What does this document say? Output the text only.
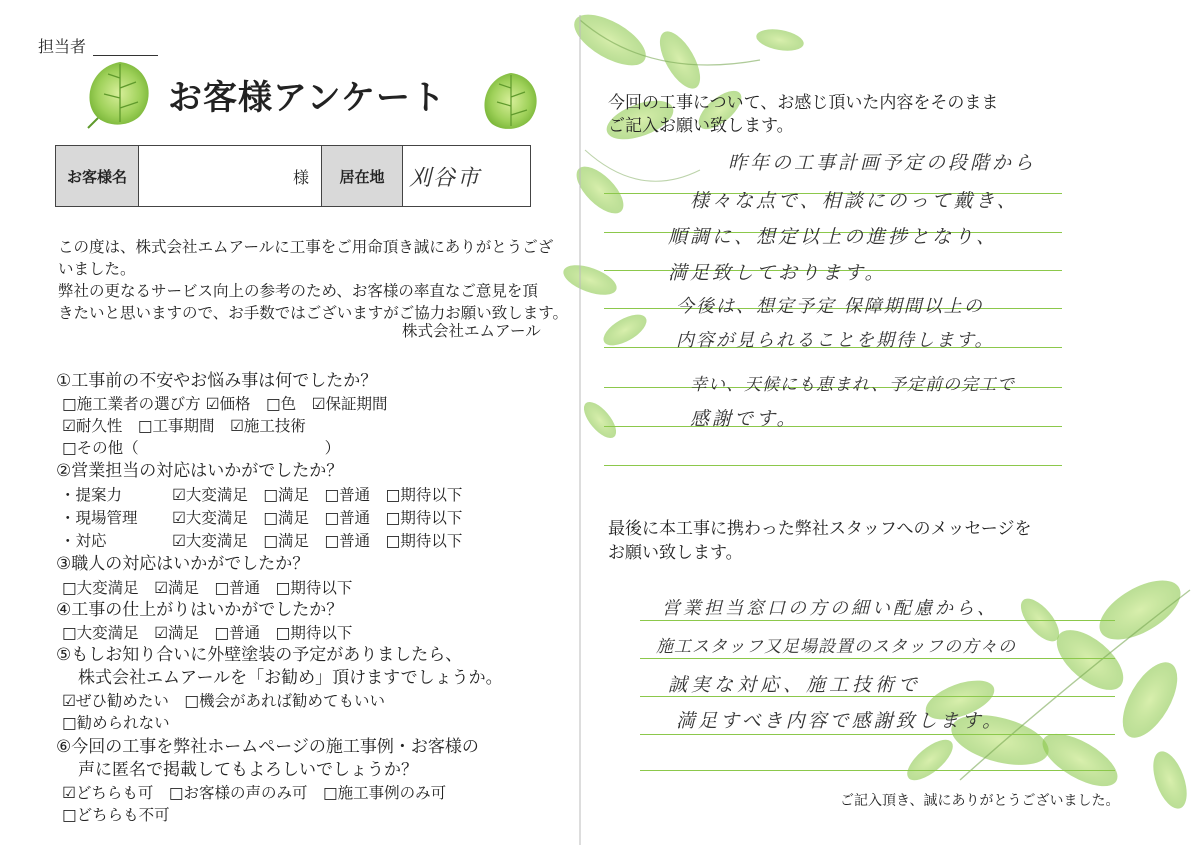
担当者
お客様アンケート
お客様名	様	居在地	刈谷市
この度は、株式会社エムアールに工事をご用命頂き誠にありがとうござ
いました。
弊社の更なるサービス向上の参考のため、お客様の率直なご意見を頂
きたいと思いますので、お手数ではございますがご協力お願い致します。
株式会社エムアール
①工事前の不安やお悩み事は何でしたか？
□施工業者の選び方 ☑価格　□色　☑保証期間
☑耐久性　□工事期間　☑施工技術
□その他（　　　　　　　　　　　　）
②営業担当の対応はいかがでしたか？
・提案力	☑大変満足　□満足　□普通　□期待以下
・現場管理 ☑大変満足　□満足　□普通　□期待以下
・対応	☑大変満足　□満足　□普通　□期待以下
③職人の対応はいかがでしたか？
□大変満足　☑満足　□普通　□期待以下
④工事の仕上がりはいかがでしたか？
□大変満足　☑満足　□普通　□期待以下
⑤もしお知り合いに外壁塗装の予定がありましたら、
株式会社エムアールを「お勧め」頂けますでしょうか。
☑ぜひ勧めたい　□機会があれば勧めてもいい
□勧められない
⑥今回の工事を弊社ホームページの施工事例・お客様の
声に匿名で掲載してもよろしいでしょうか？
☑どちらも可　□お客様の声のみ可　□施工事例のみ可
□どちらも不可
今回の工事について、お感じ頂いた内容をそのまま
ご記入お願い致します。
昨年の工事計画予定の段階から
様々な点で、相談にのって戴き、
順調に、想定以上の進捗となり、
満足致しております。
今後は、想定予定 保障期間以上の
内容が見られることを期待します。
幸い、天候にも恵まれ、予定前の完工で
感謝です。
最後に本工事に携わった弊社スタッフへのメッセージを
お願い致します。
営業担当窓口の方の細い配慮から、
施工スタッフ又足場設置のスタッフの方々の
誠実な対応、施工技術で
満足すべき内容で感謝致します。
ご記入頂き、誠にありがとうございました。
